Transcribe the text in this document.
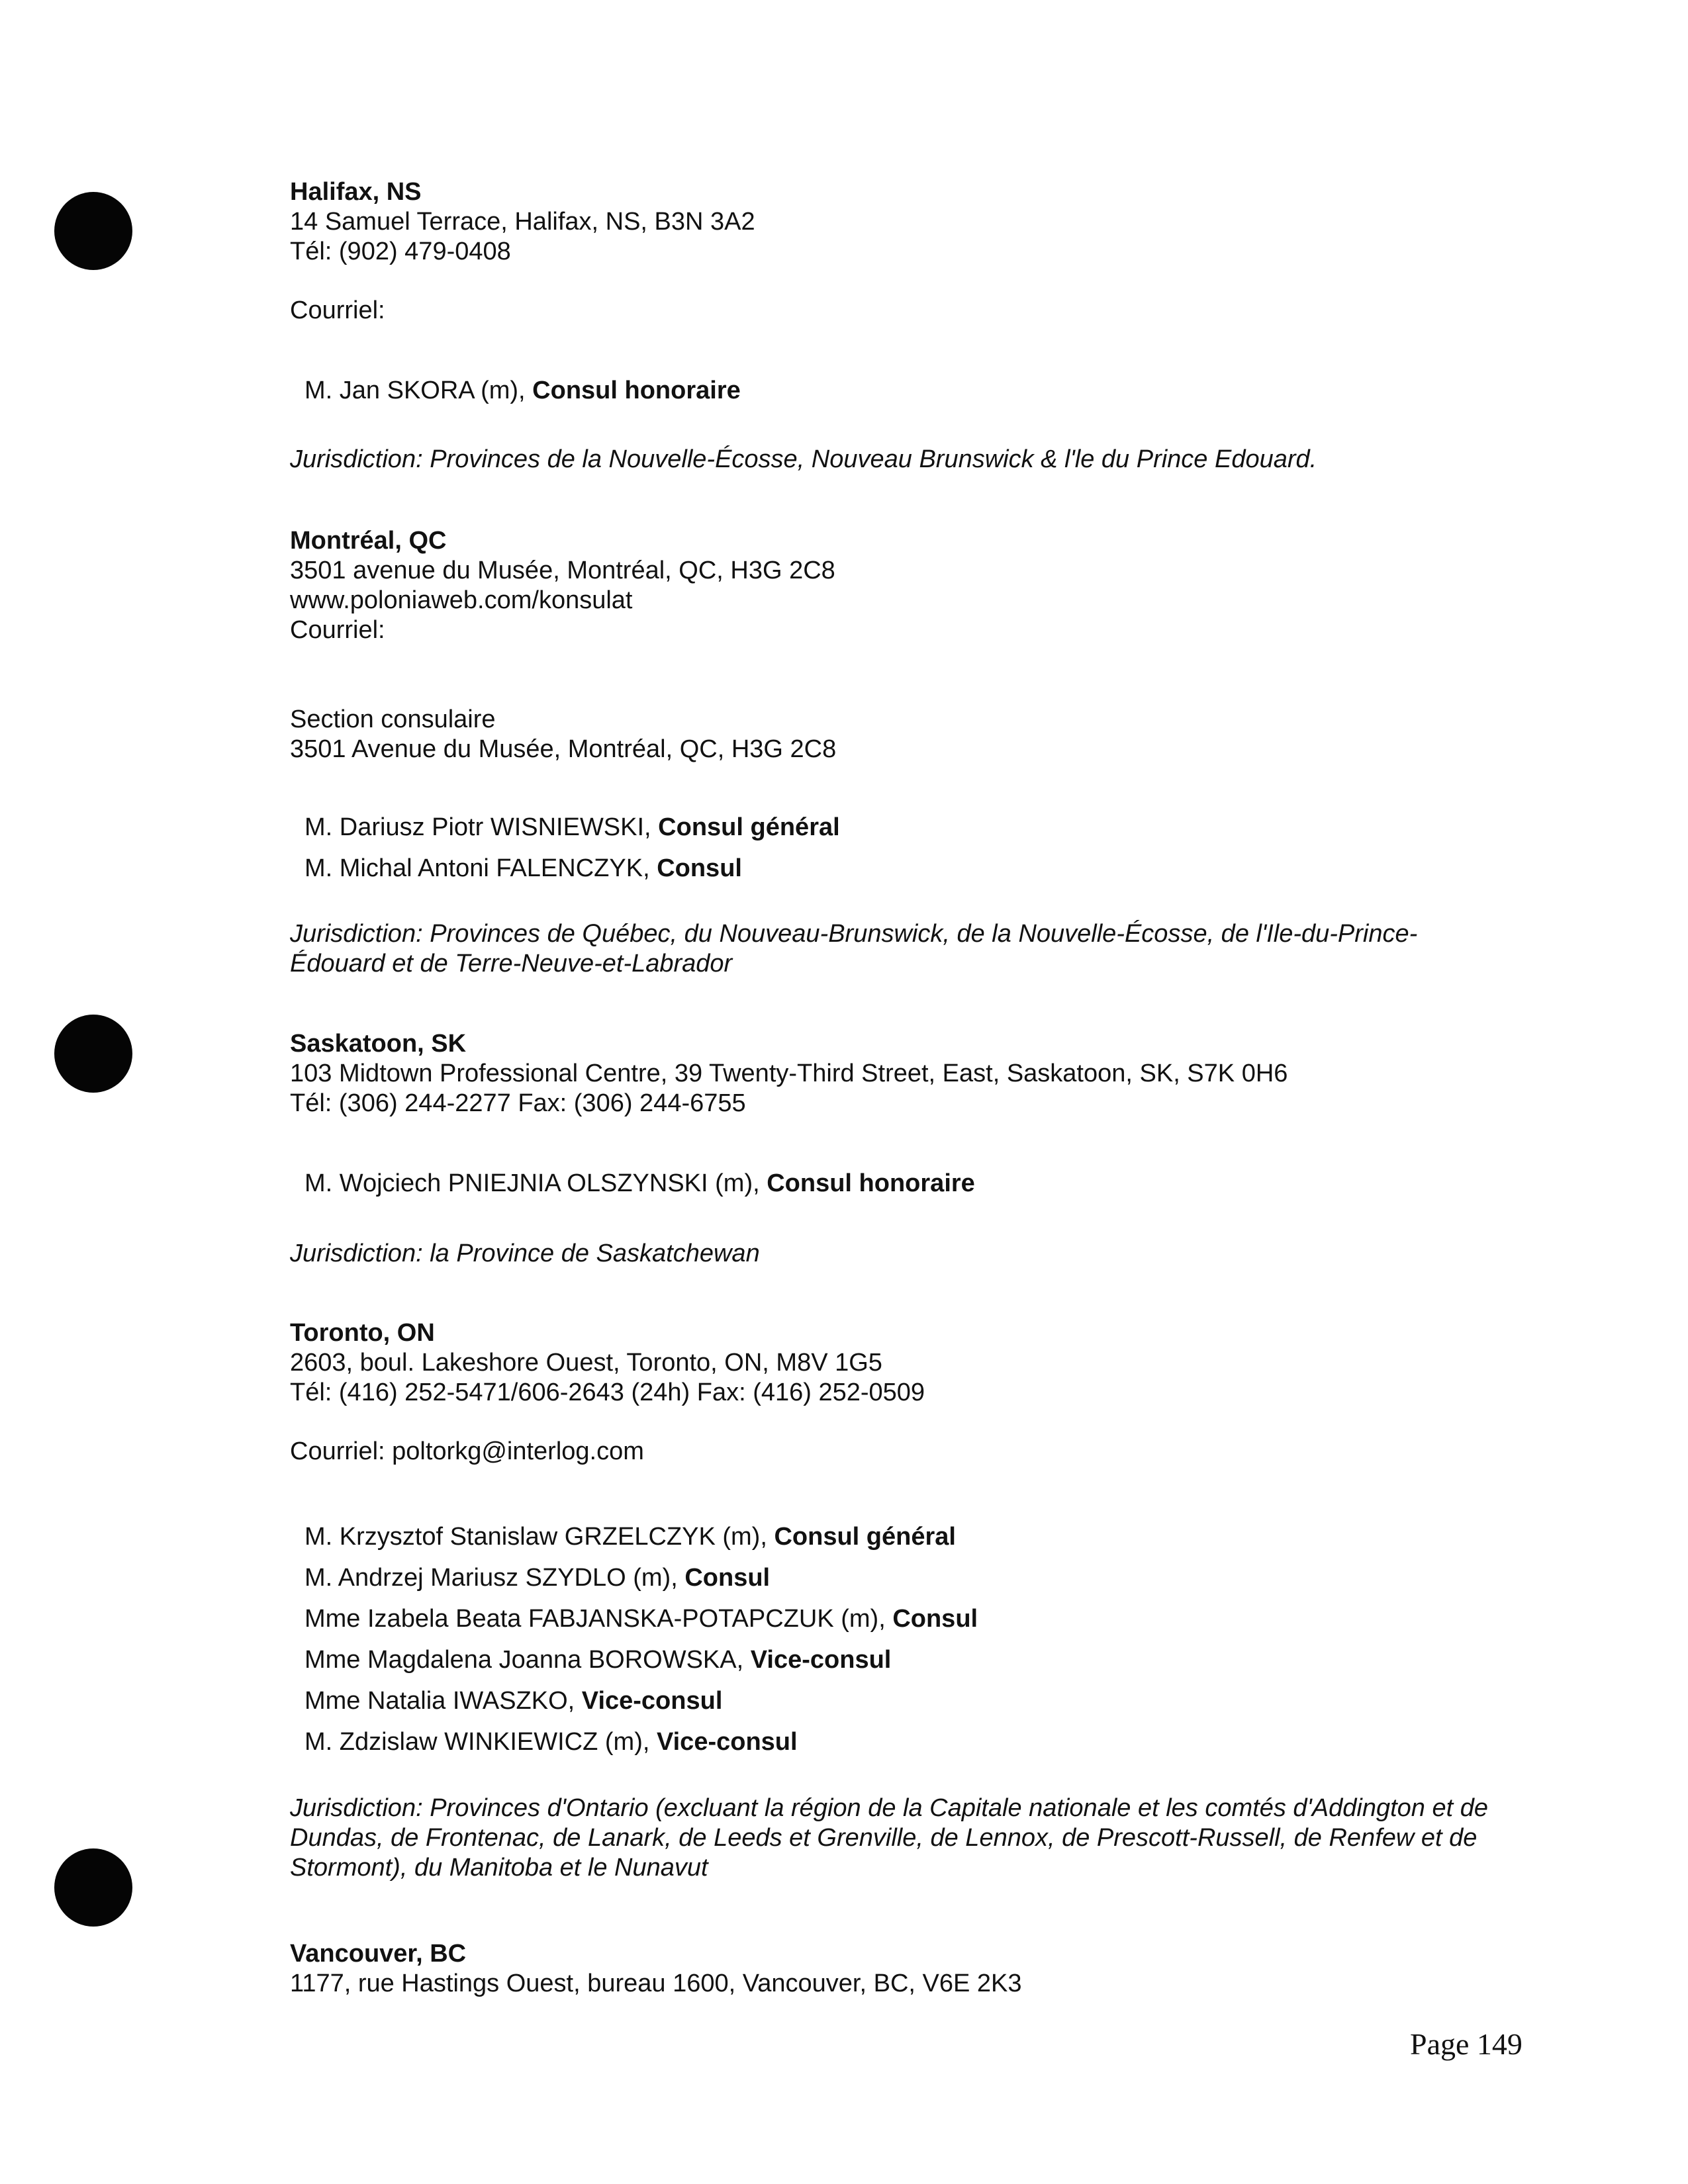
Halifax, NS
14 Samuel Terrace, Halifax, NS, B3N 3A2
Tél: (902) 479-0408
Courriel:
M. Jan SKORA (m), Consul honoraire
Jurisdiction: Provinces de la Nouvelle-Écosse, Nouveau Brunswick & l'le du Prince Edouard.
Montréal, QC
3501 avenue du Musée, Montréal, QC, H3G 2C8
www.poloniaweb.com/konsulat
Courriel:
Section consulaire
3501 Avenue du Musée, Montréal, QC, H3G 2C8
M. Dariusz Piotr WISNIEWSKI, Consul général
M. Michal Antoni FALENCZYK, Consul
Jurisdiction: Provinces de Québec, du Nouveau-Brunswick, de la Nouvelle-Écosse, de l'Ile-du-Prince-Édouard et de Terre-Neuve-et-Labrador
Saskatoon, SK
103 Midtown Professional Centre, 39 Twenty-Third Street, East, Saskatoon, SK, S7K 0H6
Tél: (306) 244-2277 Fax: (306) 244-6755
M. Wojciech PNIEJNIA OLSZYNSKI (m), Consul honoraire
Jurisdiction: la Province de Saskatchewan
Toronto, ON
2603, boul. Lakeshore Ouest, Toronto, ON, M8V 1G5
Tél: (416) 252-5471/606-2643 (24h) Fax: (416) 252-0509
Courriel: poltorkg@interlog.com
M. Krzysztof Stanislaw GRZELCZYK (m), Consul général
M. Andrzej Mariusz SZYDLO (m), Consul
Mme Izabela Beata FABJANSKA-POTAPCZUK (m), Consul
Mme Magdalena Joanna BOROWSKA, Vice-consul
Mme Natalia IWASZKO, Vice-consul
M. Zdzislaw WINKIEWICZ (m), Vice-consul
Jurisdiction: Provinces d'Ontario (excluant la région de la Capitale nationale et les comtés d'Addington et de Dundas, de Frontenac, de Lanark, de Leeds et Grenville, de Lennox, de Prescott-Russell, de Renfew et de Stormont), du Manitoba et le Nunavut
Vancouver, BC
1177, rue Hastings Ouest, bureau 1600, Vancouver, BC, V6E 2K3
Page 149
